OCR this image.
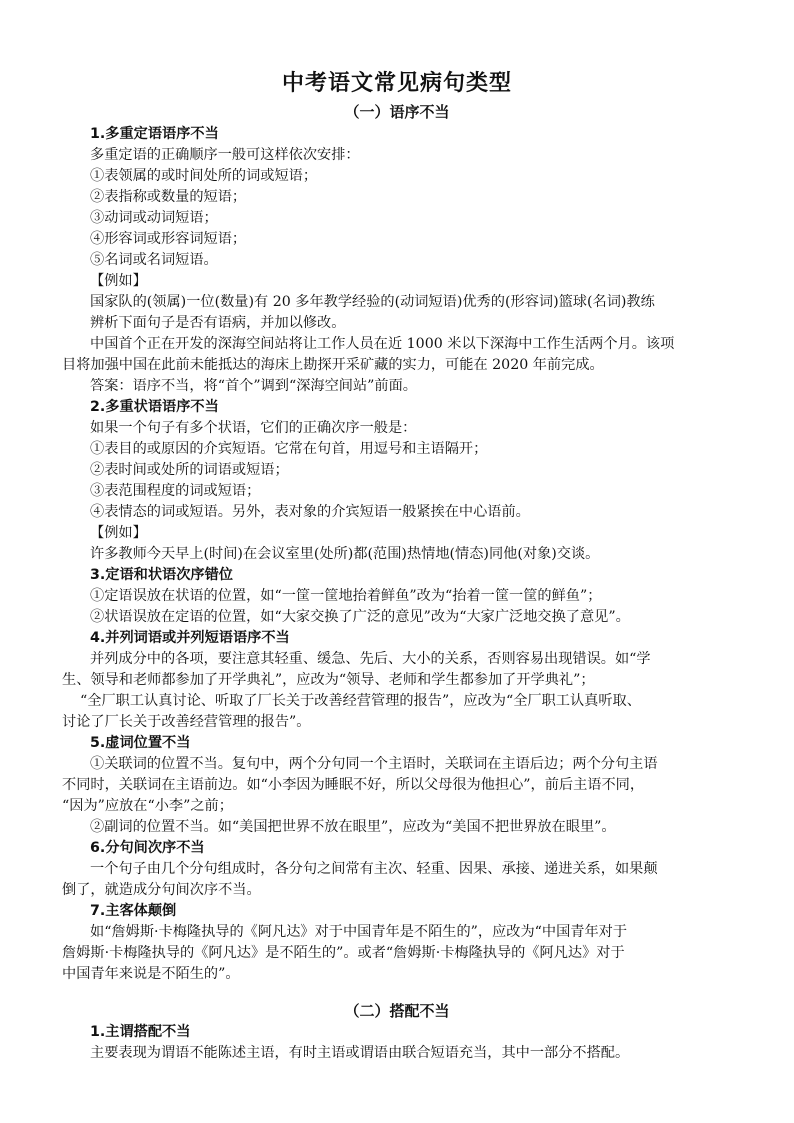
中考语文常见病句类型
（一）语序不当
1.多重定语语序不当
多重定语的正确顺序一般可这样依次安排：
①表领属的或时间处所的词或短语；
②表指称或数量的短语；
③动词或动词短语；
④形容词或形容词短语；
⑤名词或名词短语。
【例如】
国家队的(领属)一位(数量)有 20 多年教学经验的(动词短语)优秀的(形容词)篮球(名词)教练
辨析下面句子是否有语病，并加以修改。
中国首个正在开发的深海空间站将让工作人员在近 1000 米以下深海中工作生活两个月。该项
目将加强中国在此前未能抵达的海床上勘探开采矿藏的实力，可能在 2020 年前完成。
答案：语序不当，将“首个”调到“深海空间站”前面。
2.多重状语语序不当
如果一个句子有多个状语，它们的正确次序一般是：
①表目的或原因的介宾短语。它常在句首，用逗号和主语隔开；
②表时间或处所的词语或短语；
③表范围程度的词或短语；
④表情态的词或短语。另外，表对象的介宾短语一般紧挨在中心语前。
【例如】
许多教师今天早上(时间)在会议室里(处所)都(范围)热情地(情态)同他(对象)交谈。
3.定语和状语次序错位
①定语误放在状语的位置，如“一筐一筐地抬着鲜鱼”改为“抬着一筐一筐的鲜鱼”；
②状语误放在定语的位置，如“大家交换了广泛的意见”改为“大家广泛地交换了意见”。
4.并列词语或并列短语语序不当
并列成分中的各项，要注意其轻重、缓急、先后、大小的关系，否则容易出现错误。如“学
生、领导和老师都参加了开学典礼”，应改为“领导、老师和学生都参加了开学典礼”；
“全厂职工认真讨论、听取了厂长关于改善经营管理的报告”，应改为“全厂职工认真听取、
讨论了厂长关于改善经营管理的报告”。
5.虚词位置不当
①关联词的位置不当。复句中，两个分句同一个主语时，关联词在主语后边；两个分句主语
不同时，关联词在主语前边。如“小李因为睡眠不好，所以父母很为他担心”，前后主语不同，
“因为”应放在“小李”之前；
②副词的位置不当。如“美国把世界不放在眼里”，应改为“美国不把世界放在眼里”。
6.分句间次序不当
一个句子由几个分句组成时，各分句之间常有主次、轻重、因果、承接、递进关系，如果颠
倒了，就造成分句间次序不当。
7.主客体颠倒
如“詹姆斯·卡梅隆执导的《阿凡达》对于中国青年是不陌生的”，应改为“中国青年对于
詹姆斯·卡梅隆执导的《阿凡达》是不陌生的”。或者“詹姆斯·卡梅隆执导的《阿凡达》对于
中国青年来说是不陌生的”。
（二）搭配不当
1.主谓搭配不当
主要表现为谓语不能陈述主语，有时主语或谓语由联合短语充当，其中一部分不搭配。
